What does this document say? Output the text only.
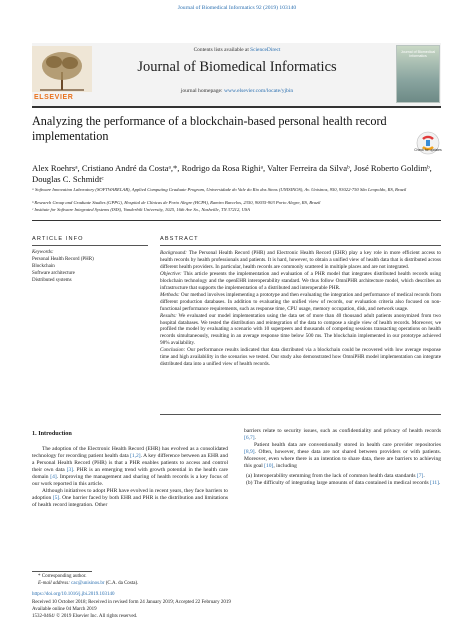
Journal of Biomedical Informatics 92 (2019) 103140
ELSEVIER
Contents lists available at ScienceDirect
Journal of Biomedical Informatics
journal homepage: www.elsevier.com/locate/yjbin
Journal of Biomedical Informatics
Analyzing the performance of a blockchain-based personal health record implementation
Check for updates
Alex Roehrsᵃ, Cristiano André da Costaᵃ,*, Rodrigo da Rosa Righiᵃ, Valter Ferreira da Silvaᵇ, José Roberto Goldimᵇ, Douglas C. Schmidtᶜ
ᵃ Software Innovation Laboratory (SOFTWARELAB), Applied Computing Graduate Program, Universidade do Vale do Rio dos Sinos (UNISINOS), Av. Unisinos, 950, 93022-750 São Leopoldo, RS, Brazil
ᵇ Research Group and Graduate Studies (GPPG), Hospital de Clínicas de Porto Alegre (HCPA), Ramiro Barcelos, 2350, 90035-903 Porto Alegre, RS, Brazil
ᶜ Institute for Software Integrated Systems (ISIS), Vanderbilt University, 1025, 16th Ave So., Nashville, TN 37212, USA
ARTICLE INFO	ABSTRACT
Keywords:
Personal Health Record (PHR)
Blockchain
Software architecture
Distributed systems
Background: The Personal Health Record (PHR) and Electronic Health Record (EHR) play a key role in more efficient access to health records by health professionals and patients. It is hard, however, to obtain a unified view of health data that is distributed across different health providers. In particular, health records are commonly scattered in multiple places and are not integrated.
Objective: This article presents the implementation and evaluation of a PHR model that integrates distributed health records using blockchain technology and the openEHR interoperability standard. We thus follow OmniPHR architecture model, which describes an infrastructure that supports the implementation of a distributed and interoperable PHR.
Methods: Our method involves implementing a prototype and then evaluating the integration and performance of medical records from different production databases. In addition to evaluating the unified view of records, our evaluation criteria also focused on non-functional performance requirements, such as response time, CPU usage, memory occupation, disk, and network usage.
Results: We evaluated our model implementation using the data set of more than 40 thousand adult patients anonymized from two hospital databases. We tested the distribution and reintegration of the data to compose a single view of health records. Moreover, we profiled the model by evaluating a scenario with 10 superpeers and thousands of competing sessions transacting operations on health records simultaneously, resulting in an average response time below 500 ms. The blockchain implemented in our prototype achieved 98% availability.
Conclusion: Our performance results indicated that data distributed via a blockchain could be recovered with low average response time and high availability in the scenarios we tested. Our study also demonstrated how OmniPHR model implementation can integrate distributed data into a unified view of health records.
1. Introduction
The adoption of the Electronic Health Record (EHR) has evolved as a consolidated technology for recording patient health data [1,2]. A key difference between an EHR and a Personal Health Record (PHR) is that a PHR enables patients to access and control their own data [3]. PHR is an emerging trend with growth potential in the health care domain [4]. Improving the management and sharing of health records is a key focus of our work reported in this article.
Although initiatives to adopt PHR have evolved in recent years, they face barriers to adoption [5]. One barrier faced by both EHR and PHR is the distribution and limitations of health record integration. Other
barriers relate to security issues, such as confidentiality and privacy of health records [6,7].
Patient health data are conventionally stored in health care provider repositories [8,9]. Often, however, these data are not shared between providers or with patients. Moreover, even where there is an intention to share data, there are barriers to achieving this goal [10], including
(a) Interoperability stemming from the lack of common health data standards [7].
(b) The difficulty of integrating large amounts of data contained in medical records [11].
* Corresponding author.
E-mail address: cac@unisinos.br (C.A. da Costa).
https://doi.org/10.1016/j.jbi.2019.103140
Received 10 October 2018; Received in revised form 24 January 2019; Accepted 22 February 2019
Available online 04 March 2019
1532-0464/ © 2019 Elsevier Inc. All rights reserved.
